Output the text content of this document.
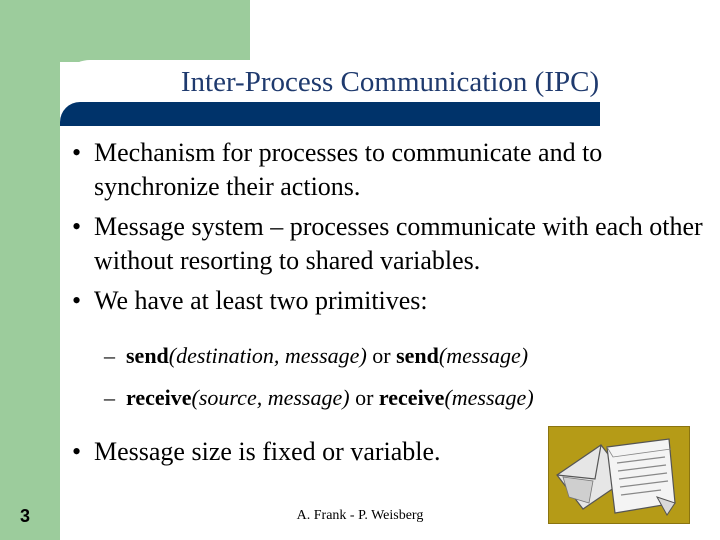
Inter-Process Communication (IPC)
• Mechanism for processes to communicate and to synchronize their actions.
• Message system – processes communicate with each other without resorting to shared variables.
• We have at least two primitives:
– send(destination, message) or send(message)
– receive(source, message) or receive(message)
• Message size is fixed or variable.
3	A. Frank - P. Weisberg
